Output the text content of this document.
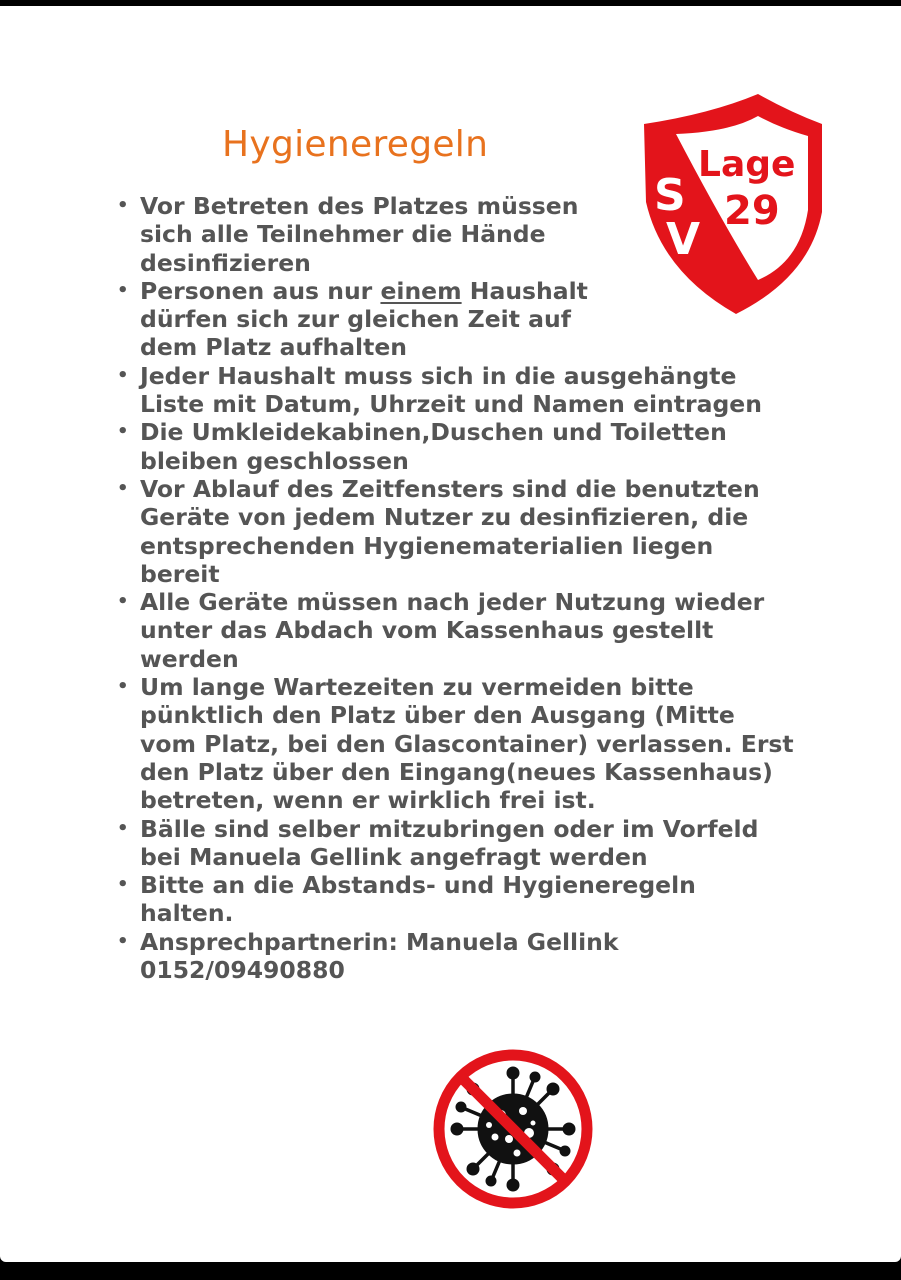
Hygieneregeln
S
V
Lage
29
• Vor Betreten des Platzes müssen
sich alle Teilnehmer die Hände
desinfizieren
• Personen aus nur einem Haushalt
dürfen sich zur gleichen Zeit auf
dem Platz aufhalten
• Jeder Haushalt muss sich in die ausgehängte
Liste mit Datum, Uhrzeit und Namen eintragen
• Die Umkleidekabinen,Duschen und Toiletten
bleiben geschlossen
• Vor Ablauf des Zeitfensters sind die benutzten
Geräte von jedem Nutzer zu desinfizieren, die
entsprechenden Hygienematerialien liegen
bereit
• Alle Geräte müssen nach jeder Nutzung wieder
unter das Abdach vom Kassenhaus gestellt
werden
• Um lange Wartezeiten zu vermeiden bitte
pünktlich den Platz über den Ausgang (Mitte
vom Platz, bei den Glascontainer) verlassen. Erst
den Platz über den Eingang(neues Kassenhaus)
betreten, wenn er wirklich frei ist.
• Bälle sind selber mitzubringen oder im Vorfeld
bei Manuela Gellink angefragt werden
• Bitte an die Abstands- und Hygieneregeln
halten.
• Ansprechpartnerin: Manuela Gellink
0152/09490880
